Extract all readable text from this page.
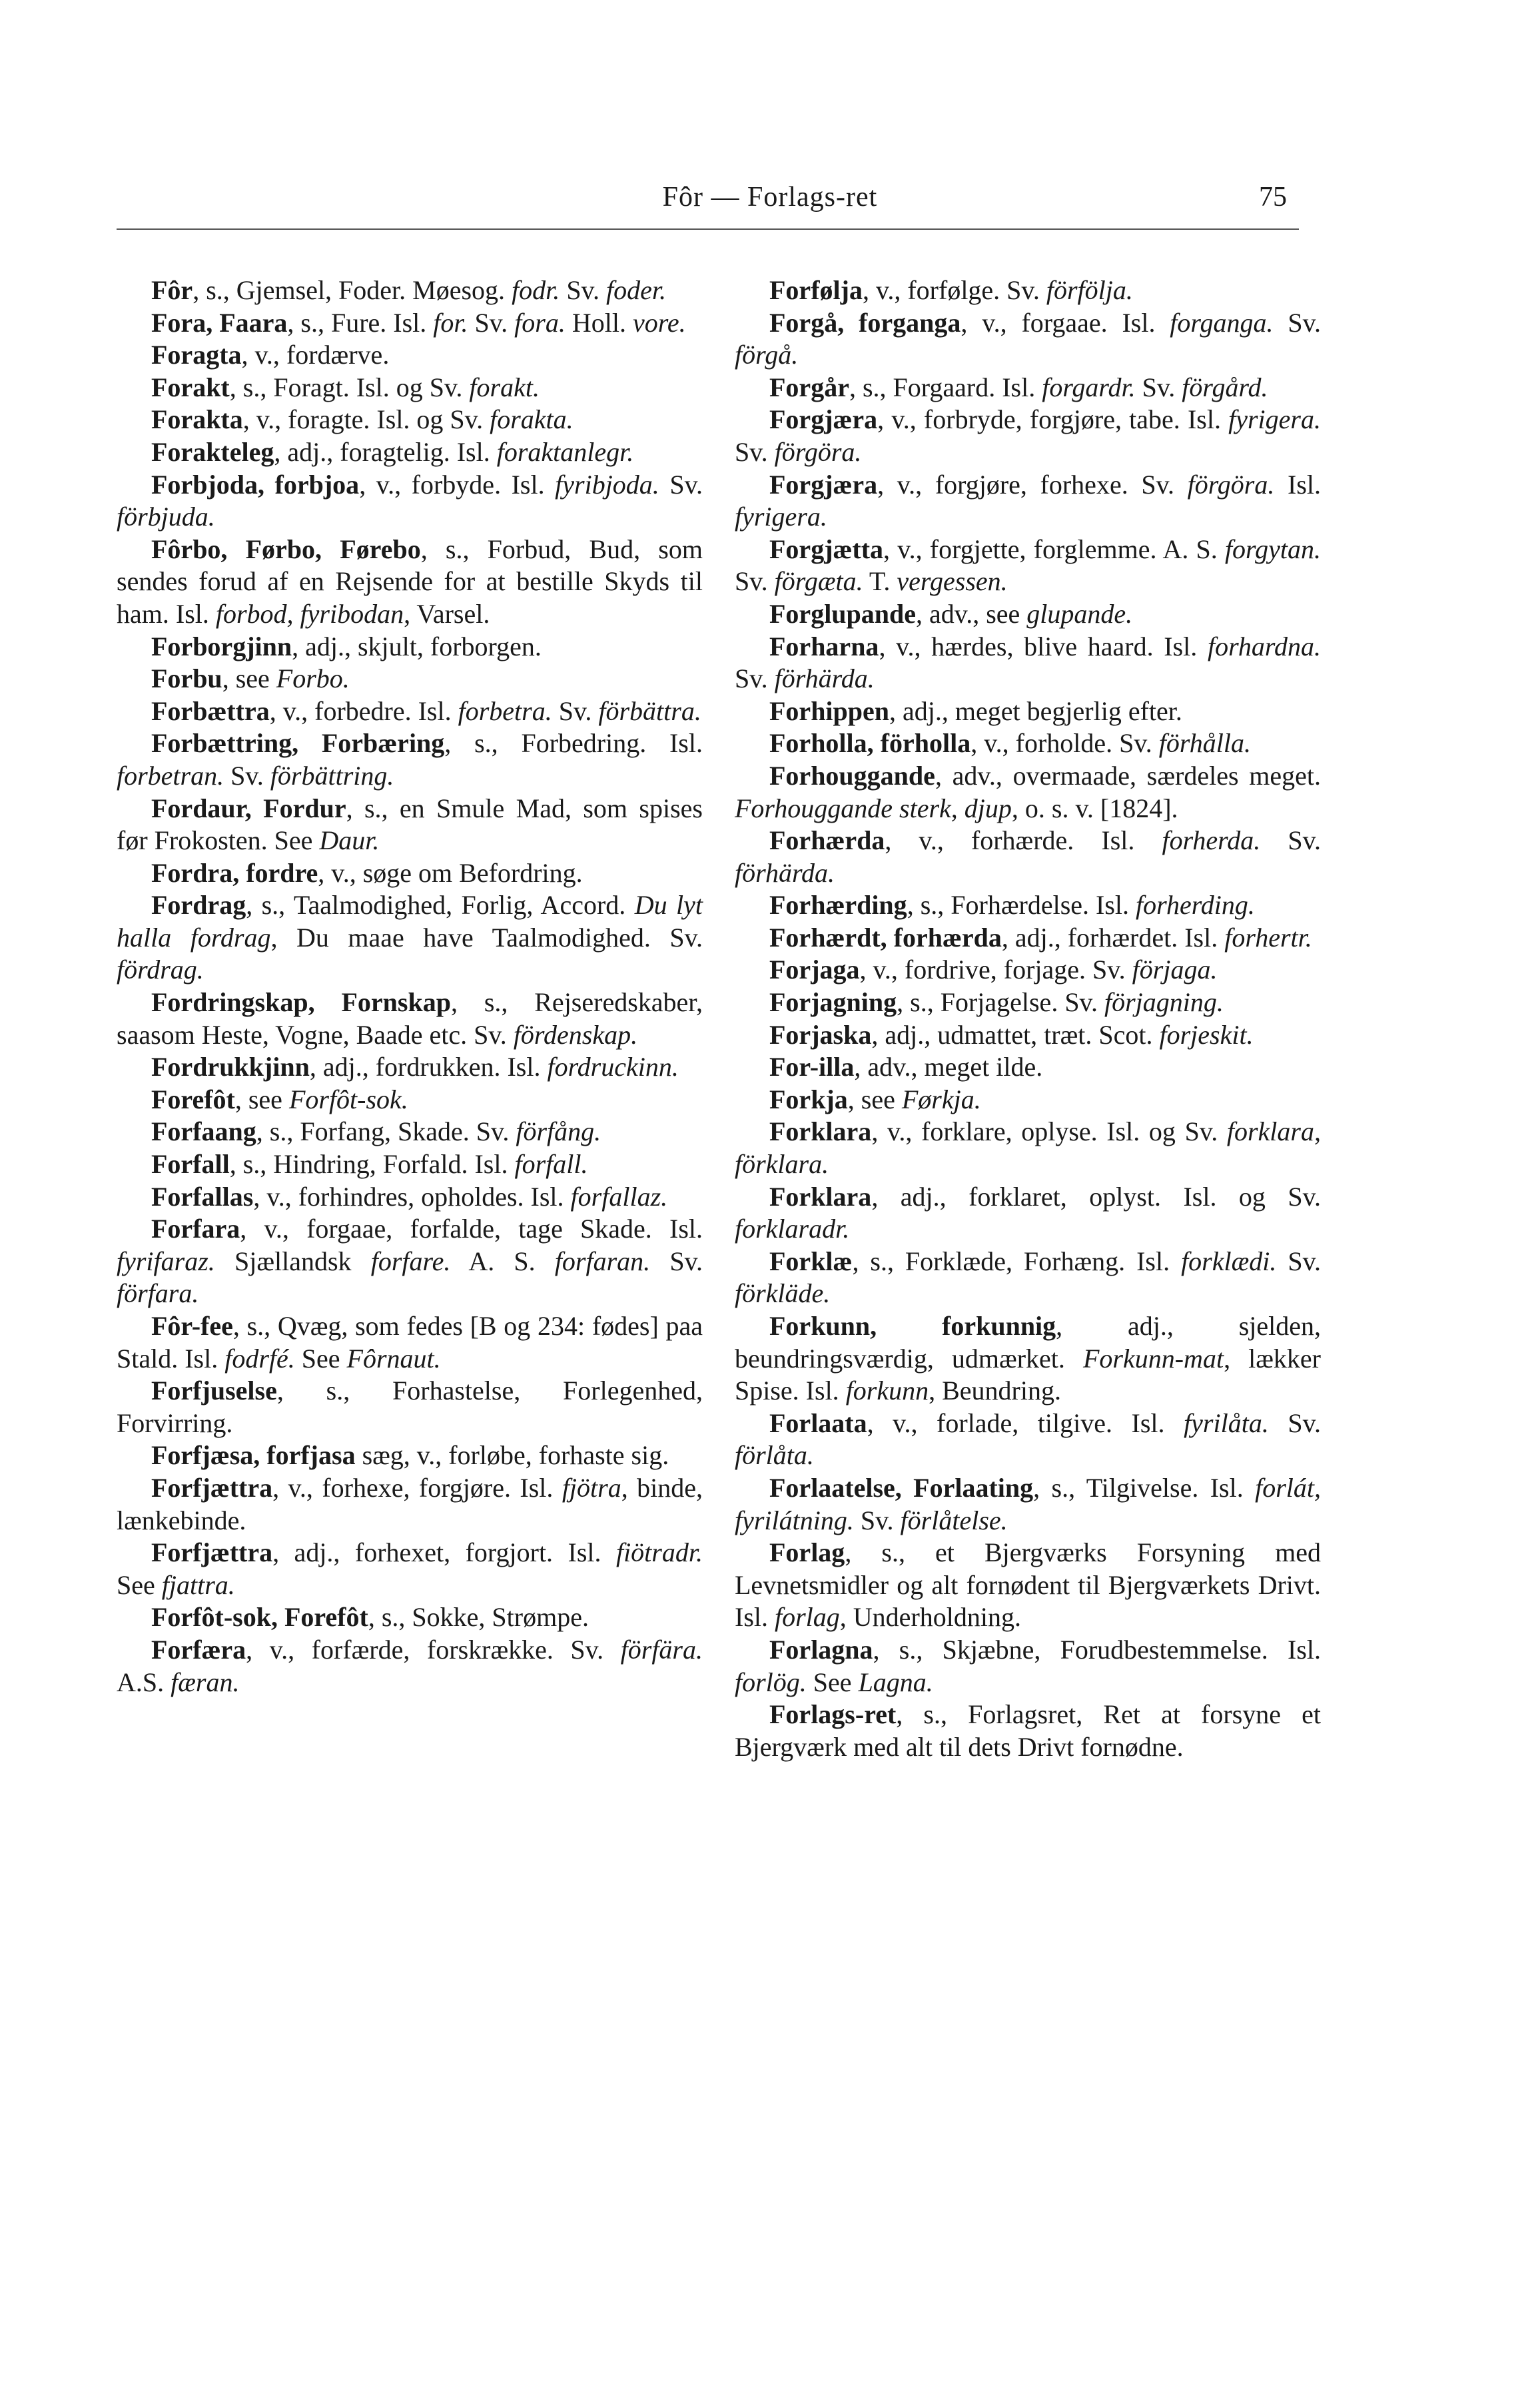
Fôr — Forlags-ret	75

Fôr, s., Gjemsel, Foder. Møesog. fodr. Sv. foder.

Fora, Faara, s., Fure. Isl. for. Sv. fora. Holl. vore.

Foragta, v., fordærve.

Forakt, s., Foragt. Isl. og Sv. forakt.

Forakta, v., foragte. Isl. og Sv. forakta.

Forakteleg, adj., foragtelig. Isl. foraktanlegr.

Forbjoda, forbjoa, v., forbyde. Isl. fyribjoda. Sv. förbjuda.

Fôrbo, Førbo, Førebo, s., Forbud, Bud, som sendes forud af en Rejsende for at bestille Skyds til ham. Isl. forbod, fyribodan, Varsel.

Forborgjinn, adj., skjult, forborgen.

Forbu, see Forbo.

Forbættra, v., forbedre. Isl. forbetra. Sv. förbättra.

Forbættring, Forbæring, s., Forbedring. Isl. forbetran. Sv. förbättring.

Fordaur, Fordur, s., en Smule Mad, som spises før Frokosten. See Daur.

Fordra, fordre, v., søge om Befordring.

Fordrag, s., Taalmodighed, Forlig, Accord. Du lyt halla fordrag, Du maae have Taalmodighed. Sv. fördrag.

Fordringskap, Fornskap, s., Rejseredskaber, saasom Heste, Vogne, Baade etc. Sv. fördenskap.

Fordrukkjinn, adj., fordrukken. Isl. fordruckinn.

Forefôt, see Forfôt-sok.

Forfaang, s., Forfang, Skade. Sv. förfång.

Forfall, s., Hindring, Forfald. Isl. forfall.

Forfallas, v., forhindres, opholdes. Isl. forfallaz.

Forfara, v., forgaae, forfalde, tage Skade. Isl. fyrifaraz. Sjællandsk forfare. A. S. forfaran. Sv. förfara.

Fôr-fee, s., Qvæg, som fedes [B og 234: fødes] paa Stald. Isl. fodrfé. See Fôrnaut.

Forfjuselse, s., Forhastelse, Forlegenhed, Forvirring.

Forfjæsa, forfjasa sæg, v., forløbe, forhaste sig.

Forfjættra, v., forhexe, forgjøre. Isl. fjötra, binde, lænkebinde.

Forfjættra, adj., forhexet, forgjort. Isl. fiötradr. See fjattra.

Forfôt-sok, Forefôt, s., Sokke, Strømpe.

Forfæra, v., forfærde, forskrække. Sv. förfära. A.S. færan.

Forfølja, v., forfølge. Sv. förfölja.

Forgå, forganga, v., forgaae. Isl. forganga. Sv. förgå.

Forgår, s., Forgaard. Isl. forgardr. Sv. förgård.

Forgjæra, v., forbryde, forgjøre, tabe. Isl. fyrigera. Sv. förgöra.

Forgjæra, v., forgjøre, forhexe. Sv. förgöra. Isl. fyrigera.

Forgjætta, v., forgjette, forglemme. A. S. forgytan. Sv. förgæta. T. vergessen.

Forglupande, adv., see glupande.

Forharna, v., hærdes, blive haard. Isl. forhardna. Sv. förhärda.

Forhippen, adj., meget begjerlig efter.

Forholla, förholla, v., forholde. Sv. förhålla.

Forhouggande, adv., overmaade, særdeles meget. Forhouggande sterk, djup, o. s. v. [1824].

Forhærda, v., forhærde. Isl. forherda. Sv. förhärda.

Forhærding, s., Forhærdelse. Isl. forherding.

Forhærdt, forhærda, adj., forhærdet. Isl. forhertr.

Forjaga, v., fordrive, forjage. Sv. förjaga.

Forjagning, s., Forjagelse. Sv. förjagning.

Forjaska, adj., udmattet, træt. Scot. forjeskit.

For-illa, adv., meget ilde.

Forkja, see Førkja.

Forklara, v., forklare, oplyse. Isl. og Sv. forklara, förklara.

Forklara, adj., forklaret, oplyst. Isl. og Sv. forklaradr.

Forklæ, s., Forklæde, Forhæng. Isl. forklædi. Sv. förkläde.

Forkunn, forkunnig, adj., sjelden, beundringsværdig, udmærket. Forkunn-mat, lækker Spise. Isl. forkunn, Beundring.

Forlaata, v., forlade, tilgive. Isl. fyrilåta. Sv. förlåta.

Forlaatelse, Forlaating, s., Tilgivelse. Isl. forlát, fyrilátning. Sv. förlåtelse.

Forlag, s., et Bjergværks Forsyning med Levnetsmidler og alt fornødent til Bjergværkets Drivt. Isl. forlag, Underholdning.

Forlagna, s., Skjæbne, Forudbestemmelse. Isl. forlög. See Lagna.

Forlags-ret, s., Forlagsret, Ret at forsyne et Bjergværk med alt til dets Drivt fornødne.
